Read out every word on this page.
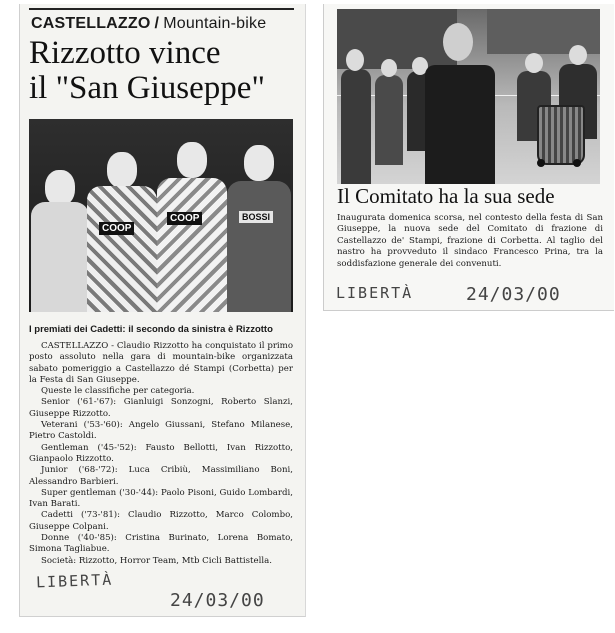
CASTELLAZZO / Mountain-bike
Rizzotto vince
il "San Giuseppe"
COOP
COOP	BOSSI
I premiati dei Cadetti: il secondo da sinistra è Rizzotto

CASTELLAZZO - Claudio Rizzotto ha conquistato il primo posto assoluto nella gara di mountain-bike organizzata sabato pomeriggio a Castellazzo dé Stampi (Corbetta) per la Festa di San Giuseppe.

Queste le classifiche per categoria.

Senior ('61-'67): Gianluigi Sonzogni, Roberto Slanzi, Giuseppe Rizzotto.

Veterani ('53-'60): Angelo Giussani, Stefano Milanese, Pietro Castoldi.

Gentleman ('45-'52): Fausto Bellotti, Ivan Rizzotto, Gianpaolo Rizzotto.

Junior ('68-'72): Luca Cribiù, Massimiliano Boni, Alessandro Barbieri.

Super gentleman ('30-'44): Paolo Pisoni, Guido Lombardi, Ivan Barati.

Cadetti ('73-'81): Claudio Rizzotto, Marco Colombo, Giuseppe Colpani.

Donne ('40-'85): Cristina Burinato, Lorena Bomato, Simona Tagliabue.

Società: Rizzotto, Horror Team, Mtb Cicli Battistella.

LIBERTÀ
24/03/00
Il Comitato ha la sua sede
Inaugurata domenica scorsa, nel contesto della festa di San Giuseppe, la nuova sede del Comitato di frazione di Castellazzo de' Stampi, frazione di Corbetta. Al taglio del nastro ha provveduto il sindaco Francesco Prina, tra la soddisfazione generale dei convenuti.
LIBERTÀ	24/03/00
